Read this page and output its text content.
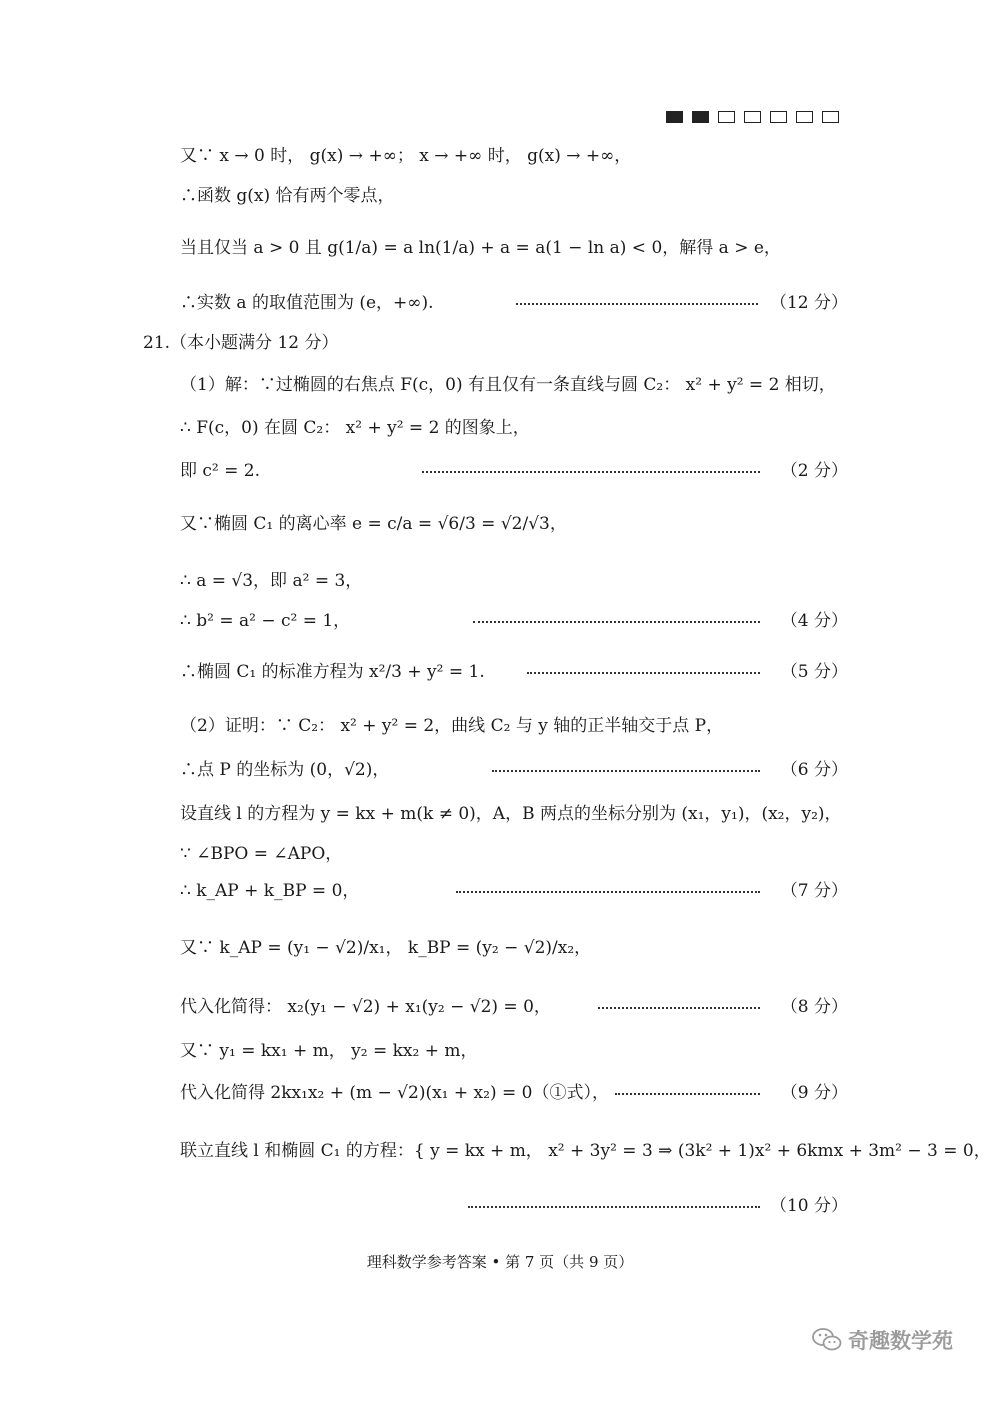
又∵ x → 0 时， g(x) → +∞； x → +∞ 时， g(x) → +∞，
∴函数 g(x) 恰有两个零点，
当且仅当 a > 0 且 g(1/a) = a ln(1/a) + a = a(1 − ln a) < 0，解得 a > e，
∴实数 a 的取值范围为 (e，+∞).	（12 分）
21.（本小题满分 12 分）
（1）解：∵过椭圆的右焦点 F(c，0) 有且仅有一条直线与圆 C₂： x² + y² = 2 相切，
∴ F(c，0) 在圆 C₂： x² + y² = 2 的图象上，
即 c² = 2.	（2 分）
又∵椭圆 C₁ 的离心率 e = c/a = √6/3 = √2/√3，
∴ a = √3，即 a² = 3，
∴ b² = a² − c² = 1，	（4 分）
∴椭圆 C₁ 的标准方程为 x²/3 + y² = 1.	（5 分）
（2）证明：∵ C₂： x² + y² = 2，曲线 C₂ 与 y 轴的正半轴交于点 P，
∴点 P 的坐标为 (0，√2)，	（6 分）
设直线 l 的方程为 y = kx + m(k ≠ 0)，A，B 两点的坐标分别为 (x₁，y₁)，(x₂，y₂)，
∵ ∠BPO = ∠APO，
∴ k_AP + k_BP = 0，	（7 分）
又∵ k_AP = (y₁ − √2)/x₁， k_BP = (y₂ − √2)/x₂，
代入化简得： x₂(y₁ − √2) + x₁(y₂ − √2) = 0，	（8 分）
又∵ y₁ = kx₁ + m， y₂ = kx₂ + m，
代入化简得 2kx₁x₂ + (m − √2)(x₁ + x₂) = 0（①式），	（9 分）
联立直线 l 和椭圆 C₁ 的方程：{ y = kx + m， x² + 3y² = 3 ⇒ (3k² + 1)x² + 6kmx + 3m² − 3 = 0，
（10 分）
理科数学参考答案 • 第 7 页（共 9 页）
奇趣数学苑
